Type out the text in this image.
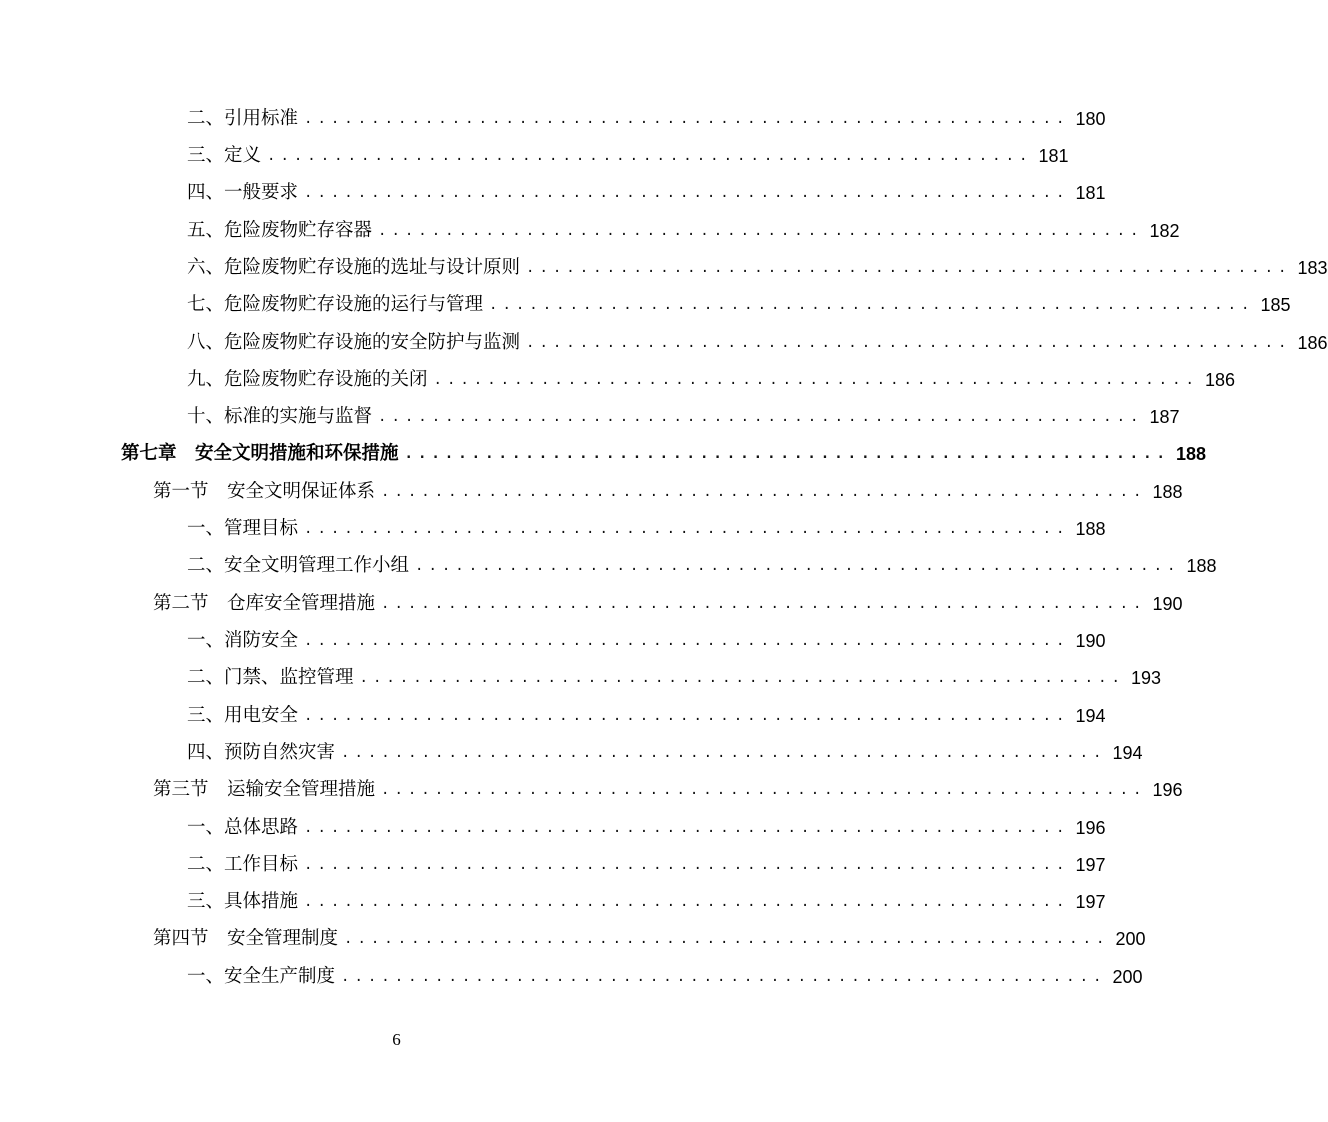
二、引用标准 ......................................................... 180
三、定义 ......................................................... 181
四、一般要求 ......................................................... 181
五、危险废物贮存容器 ......................................................... 182
六、危险废物贮存设施的选址与设计原则 ......................................................... 183
七、危险废物贮存设施的运行与管理 ......................................................... 185
八、危险废物贮存设施的安全防护与监测 ......................................................... 186
九、危险废物贮存设施的关闭 ......................................................... 186
十、标准的实施与监督 ......................................................... 187
第七章　安全文明措施和环保措施 ......................................................... 188
第一节　安全文明保证体系 ......................................................... 188
一、管理目标 ......................................................... 188
二、安全文明管理工作小组 ......................................................... 188
第二节　仓库安全管理措施 ......................................................... 190
一、消防安全 ......................................................... 190
二、门禁、监控管理 ......................................................... 193
三、用电安全 ......................................................... 194
四、预防自然灾害 ......................................................... 194
第三节　运输安全管理措施 ......................................................... 196
一、总体思路 ......................................................... 196
二、工作目标 ......................................................... 197
三、具体措施 ......................................................... 197
第四节　安全管理制度 ......................................................... 200
一、安全生产制度 ......................................................... 200
6
